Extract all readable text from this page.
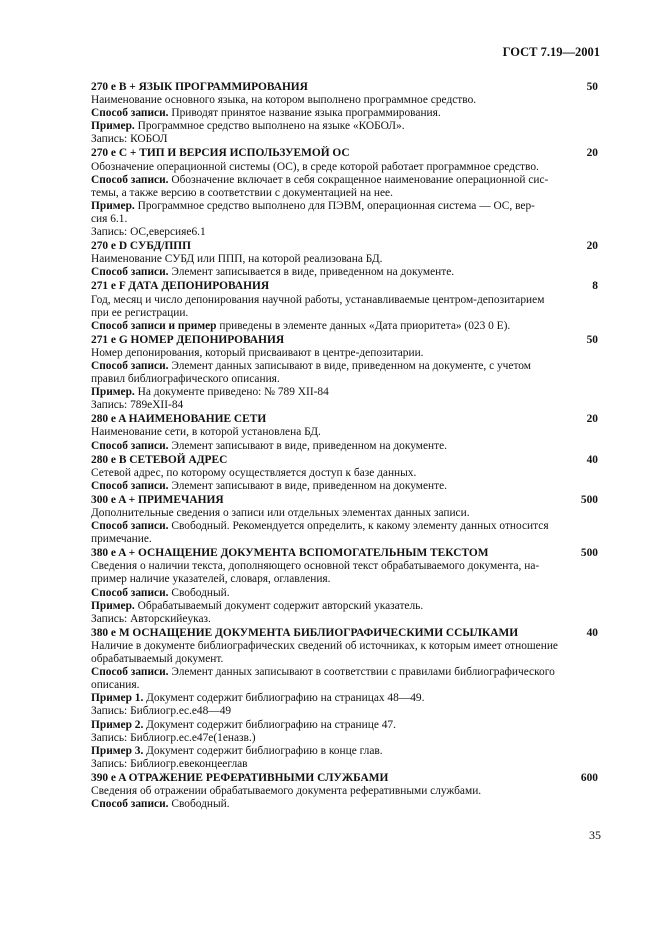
ГОСТ 7.19—2001
270 e B + ЯЗЫК ПРОГРАММИРОВАНИЯ	50
Наименование основного языка, на котором выполнено программное средство.
Способ записи. Приводят принятое название языка программирования.
Пример. Программное средство выполнено на языке «КОБОЛ».
Запись: КОБОЛ
270 e C + ТИП И ВЕРСИЯ ИСПОЛЬЗУЕМОЙ ОС	20
Обозначение операционной системы (ОС), в среде которой работает программное средство.
Способ записи. Обозначение включает в себя сокращенное наименование операционной сис-
темы, а также версию в соответствии с документацией на нее.
Пример. Программное средство выполнено для ПЭВМ, операционная система — ОС, вер-
сия 6.1.
Запись: ОС,eверсияe6.1
270 e D СУБД/ППП	20
Наименование СУБД или ППП, на которой реализована БД.
Способ записи. Элемент записывается в виде, приведенном на документе.
271 e F ДАТА ДЕПОНИРОВАНИЯ	8
Год, месяц и число депонирования научной работы, устанавливаемые центром-депозитарием
при ее регистрации.
Способ записи и пример приведены в элементе данных «Дата приоритета» (023 0 E).
271 e G НОМЕР ДЕПОНИРОВАНИЯ	50
Номер депонирования, который присваивают в центре-депозитарии.
Способ записи. Элемент данных записывают в виде, приведенном на документе, с учетом
правил библиографического описания.
Пример. На документе приведено: № 789 XII-84
Запись: 789eXII-84
280 e A НАИМЕНОВАНИЕ СЕТИ	20
Наименование сети, в которой установлена БД.
Способ записи. Элемент записывают в виде, приведенном на документе.
280 e B СЕТЕВОЙ АДРЕС	40
Сетевой адрес, по которому осуществляется доступ к базе данных.
Способ записи. Элемент записывают в виде, приведенном на документе.
300 e A + ПРИМЕЧАНИЯ	500
Дополнительные сведения о записи или отдельных элементах данных записи.
Способ записи. Свободный. Рекомендуется определить, к какому элементу данных относится
примечание.
380 e A + ОСНАЩЕНИЕ ДОКУМЕНТА ВСПОМОГАТЕЛЬНЫМ ТЕКСТОМ	500
Сведения о наличии текста, дополняющего основной текст обрабатываемого документа, на-
пример наличие указателей, словаря, оглавления.
Способ записи. Свободный.
Пример. Обрабатываемый документ содержит авторский указатель.
Запись: Авторскийeуказ.
380 e M ОСНАЩЕНИЕ ДОКУМЕНТА БИБЛИОГРАФИЧЕСКИМИ ССЫЛКАМИ	40
Наличие в документе библиографических сведений об источниках, к которым имеет отношение
обрабатываемый документ.
Способ записи. Элемент данных записывают в соответствии с правилами библиографического
описания.
Пример 1. Документ содержит библиографию на страницах 48—49.
Запись: Библиогр.ec.e48—49
Пример 2. Документ содержит библиографию на странице 47.
Запись: Библиогр.ec.e47e(1eназв.)
Пример 3. Документ содержит библиографию в конце глав.
Запись: Библиогр.eвeконцеeглав
390 e A ОТРАЖЕНИЕ РЕФЕРАТИВНЫМИ СЛУЖБАМИ	600
Сведения об отражении обрабатываемого документа реферативными службами.
Способ записи. Свободный.
35
